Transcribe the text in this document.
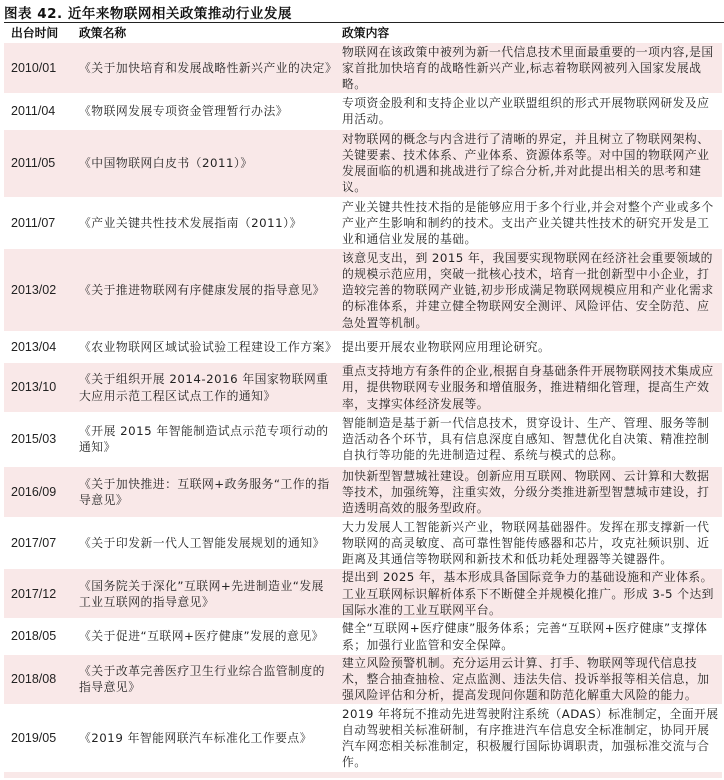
图表 42. 近年来物联网相关政策推动行业发展
出台时间	政策名称	政策内容
2010/01	《关于加快培育和发展战略性新兴产业的决定》	物联网在该政策中被列为新一代信息技术里面最重要的一项内容,是国家首批加快培育的战略性新兴产业,标志着物联网被列入国家发展战略。
2011/04	《物联网发展专项资金管理暂行办法》	专项资金股利和支持企业以产业联盟组织的形式开展物联网研发及应用活动。
2011/05	《中国物联网白皮书（2011）》	对物联网的概念与内含进行了清晰的界定，并且树立了物联网架构、关键要素、技术体系、产业体系、资源体系等。对中国的物联网产业发展面临的机遇和挑战进行了综合分析,并对此提出相关的思考和建议。
2011/07	《产业关键共性技术发展指南（2011）》	产业关键共性技术指的是能够应用于多个行业,并会对整个产业或多个产业产生影响和制约的技术。支出产业关键共性技术的研究开发是工业和通信业发展的基础。
2013/02	《关于推进物联网有序健康发展的指导意见》	该意见支出，到 2015 年，我国要实现物联网在经济社会重要领域的的规模示范应用，突破一批核心技术，培育一批创新型中小企业，打造较完善的物联网产业链,初步形成满足物联网规模应用和产业化需求的标准体系，并建立健全物联网安全测评、风险评估、安全防范、应急处置等机制。
2013/04	《农业物联网区域试验试验工程建设工作方案》	提出要开展农业物联网应用理论研究。
2013/10	《关于组织开展 2014-2016 年国家物联网重大应用示范工程区试点工作的通知》	重点支持地方有条件的企业,根据自身基础条件开展物联网技术集成应用，提供物联网专业服务和增值服务，推进精细化管理，提高生产效率，支撑实体经济发展等。
2015/03	《开展 2015 年智能制造试点示范专项行动的通知》	智能制造是基于新一代信息技术，贯穿设计、生产、管理、服务等制造活动各个环节，具有信息深度自感知、智慧优化自决策、精准控制自执行等功能的先进制造过程、系统与模式的总称。
2016/09	《关于加快推进：互联网+政务服务“工作的指导意见》	加快新型智慧城社建设。创新应用互联网、物联网、云计算和大数据等技术，加强统筹，注重实效，分级分类推进新型智慧城市建设，打造透明高效的服务型政府。
2017/07	《关于印发新一代人工智能发展规划的通知》	大力发展人工智能新兴产业，物联网基础器件。发挥在那支撑新一代物联网的高灵敏度、高可靠性智能传感器和芯片，攻克社频识别、近距离及其通信等物联网和新技术和低功耗处理器等关键器件。
2017/12	《国务院关于深化”互联网+先进制造业“发展工业互联网的指导意见》	提出到 2025 年，基本形成具备国际竞争力的基础设施和产业体系。工业互联网标识解析体系下不断健全并规模化推广。形成 3-5 个达到国际水准的工业互联网平台。
2018/05	《关于促进“互联网+医疗健康”发展的意见》	健全“互联网+医疗健康”服务体系；完善“互联网+医疗健康”支撑体系；加强行业监管和安全保障。
2018/08	《关于改革完善医疗卫生行业综合监管制度的指导意见》	建立风险预警机制。充分运用云计算、打手、物联网等现代信息技术，整合抽查抽检、定点监测、违法失信、投诉举报等相关信息，加强风险评估和分析，提高发现问你题和防范化解重大风险的能力。
2019/05	《2019 年智能网联汽车标准化工作要点》	2019 年将玩不推动先进驾驶附注系统（ADAS）标准制定，全面开展自动驾驶相关标准研制，有序推进汽车信息安全标准制定，协同开展汽车网恋相关标准制定，积极履行国际协调职责，加强标准交流与合作。
